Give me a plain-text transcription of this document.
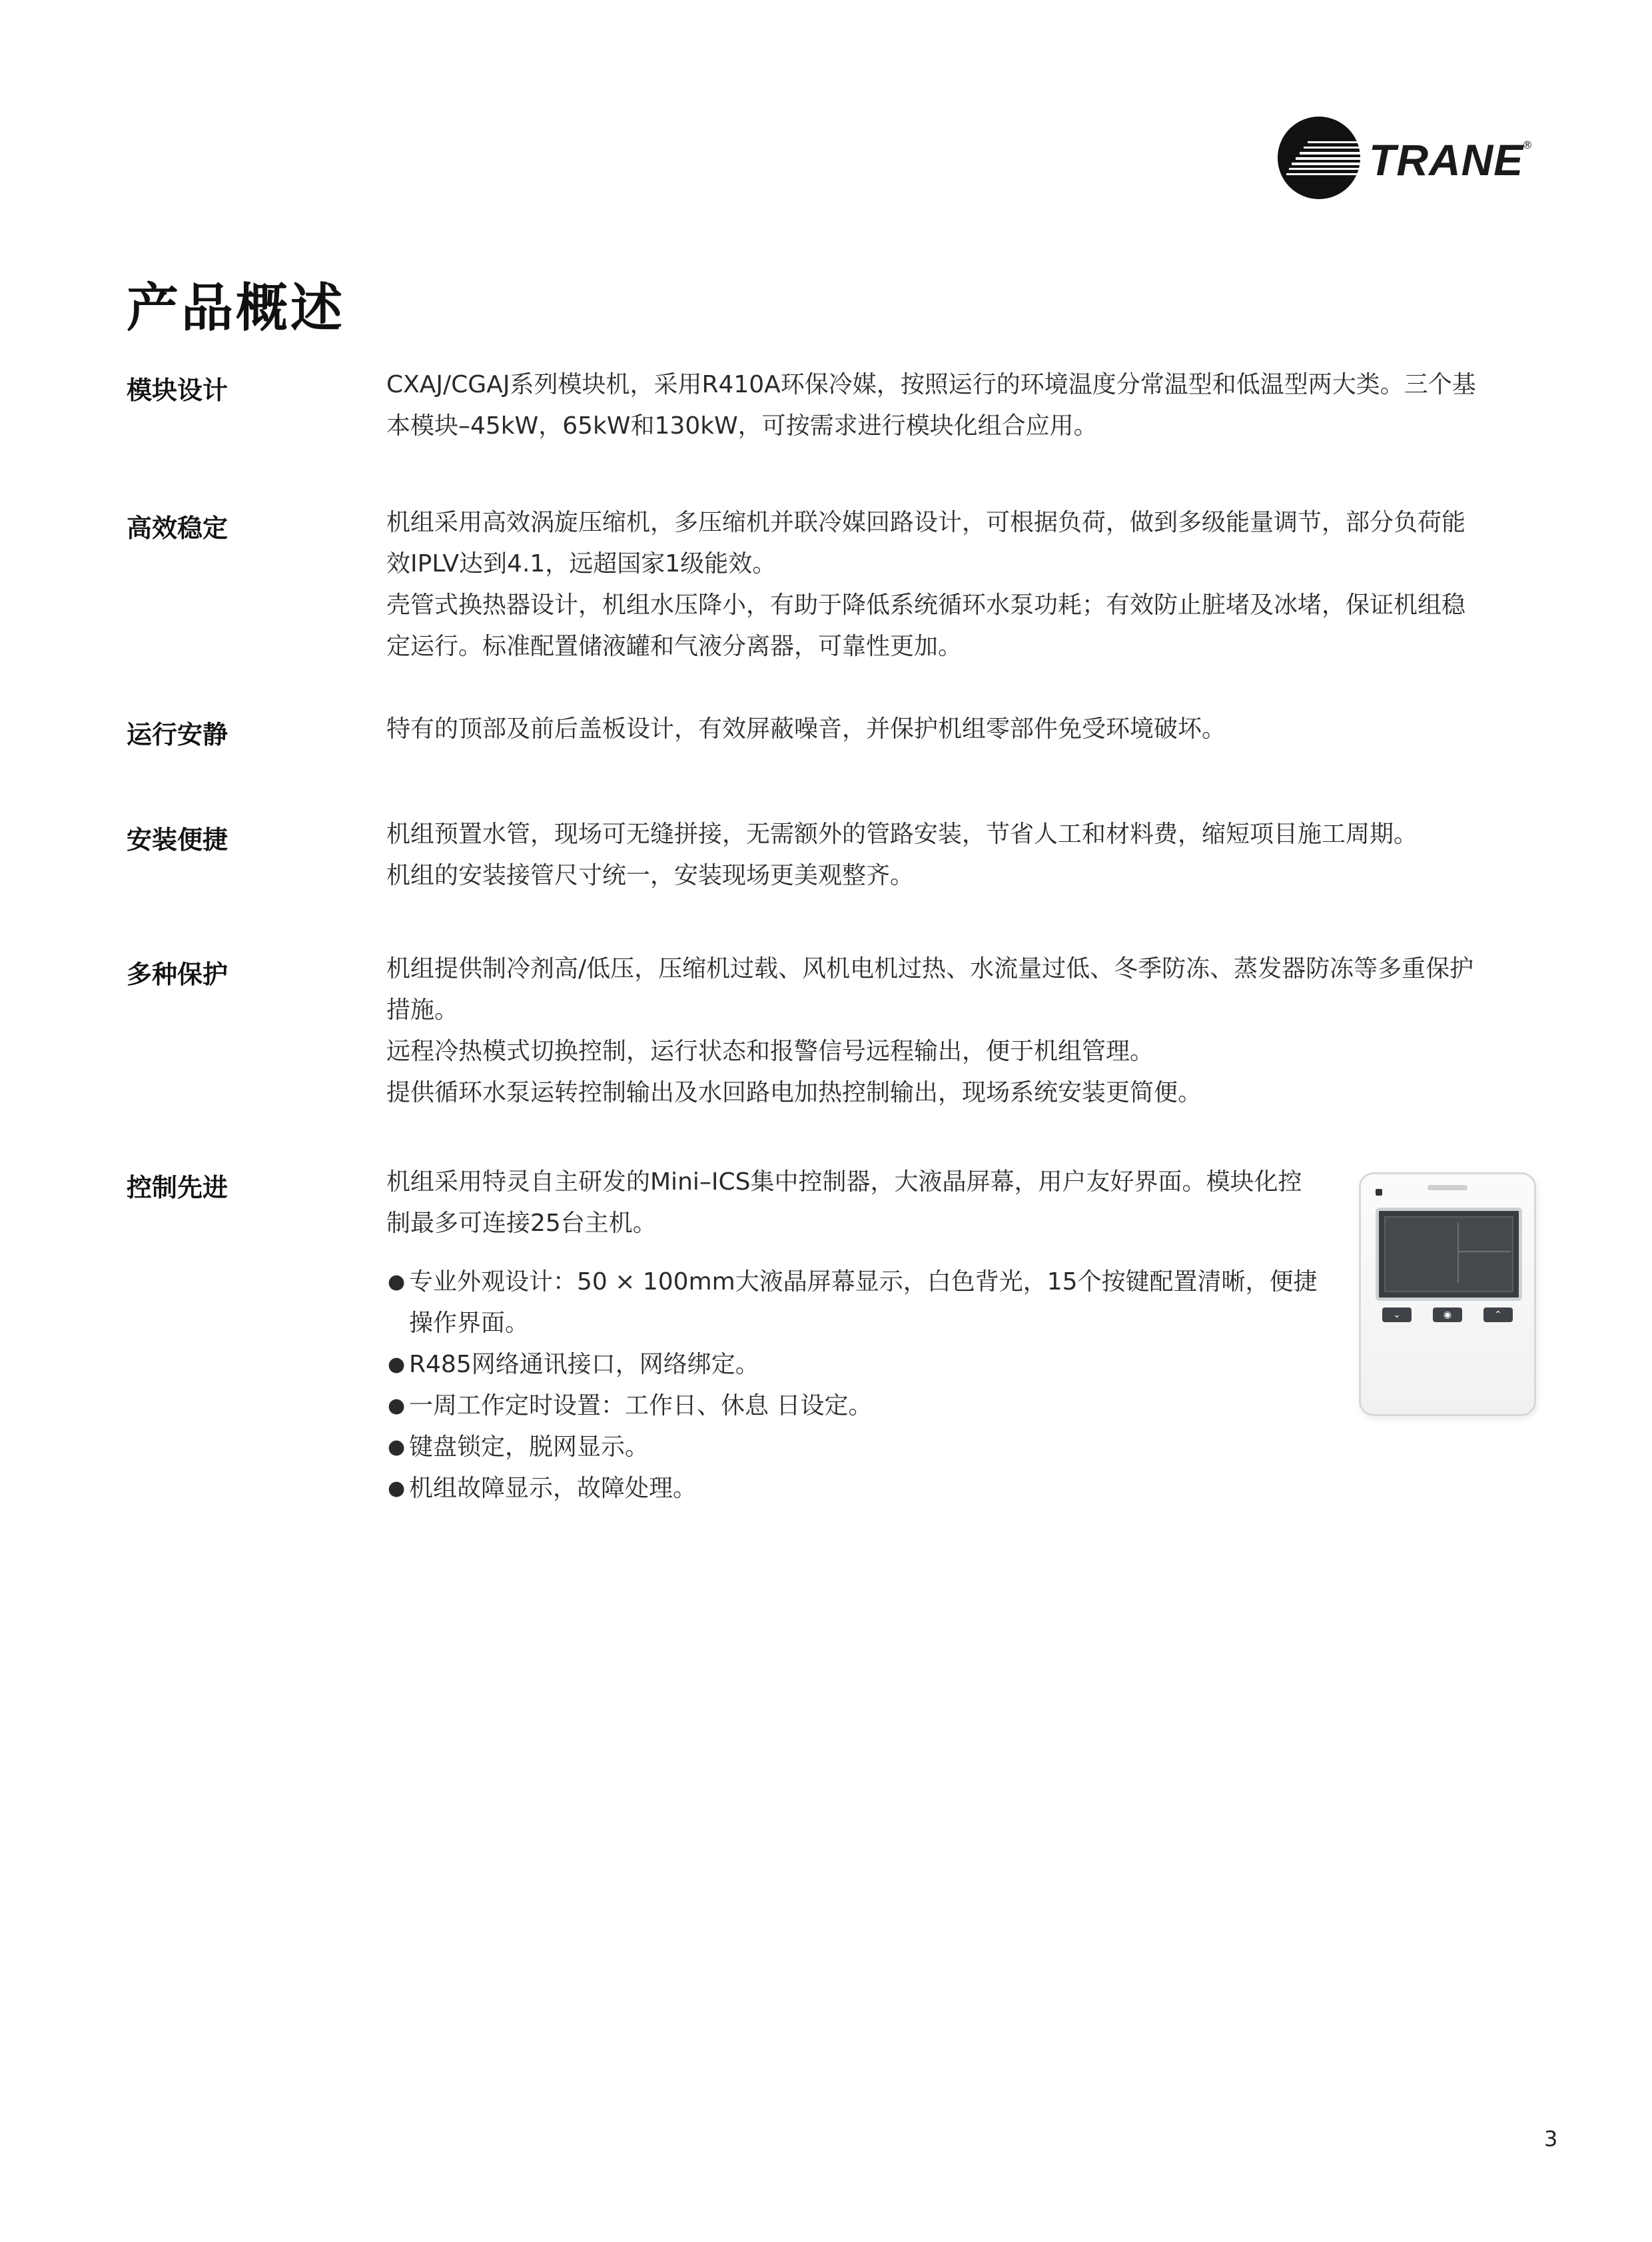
TRANE
®
产品概述
模块设计	CXAJ/CGAJ系列模块机，采用R410A环保冷媒，按照运行的环境温度分常温型和低温型两大类。三个基本模块–45kW，65kW和130kW，可按需求进行模块化组合应用。

高效稳定	机组采用高效涡旋压缩机，多压缩机并联冷媒回路设计，可根据负荷，做到多级能量调节，部分负荷能效IPLV达到4.1，远超国家1级能效。

壳管式换热器设计，机组水压降小，有助于降低系统循环水泵功耗；有效防止脏堵及冰堵，保证机组稳定运行。标准配置储液罐和气液分离器，可靠性更加。

运行安静	特有的顶部及前后盖板设计，有效屏蔽噪音，并保护机组零部件免受环境破坏。

安装便捷	机组预置水管，现场可无缝拼接，无需额外的管路安装，节省人工和材料费，缩短项目施工周期。

机组的安装接管尺寸统一，安装现场更美观整齐。

多种保护	机组提供制冷剂高/低压，压缩机过载、风机电机过热、水流量过低、冬季防冻、蒸发器防冻等多重保护措施。

远程冷热模式切换控制，运行状态和报警信号远程输出，便于机组管理。

提供循环水泵运转控制输出及水回路电加热控制输出，现场系统安装更简便。

控制先进	机组采用特灵自主研发的Mini–ICS集中控制器，大液晶屏幕，用户友好界面。模块化控制最多可连接25台主机。

● 专业外观设计：50 × 100mm大液晶屏幕显示，白色背光，15个按键配置清晰，便捷操作界面。
● R485网络通讯接口，网络绑定。
● 一周工作定时设置：工作日、休息 日设定。
● 键盘锁定，脱网显示。
● 机组故障显示，故障处理。
⌄	◉	⌃
3
